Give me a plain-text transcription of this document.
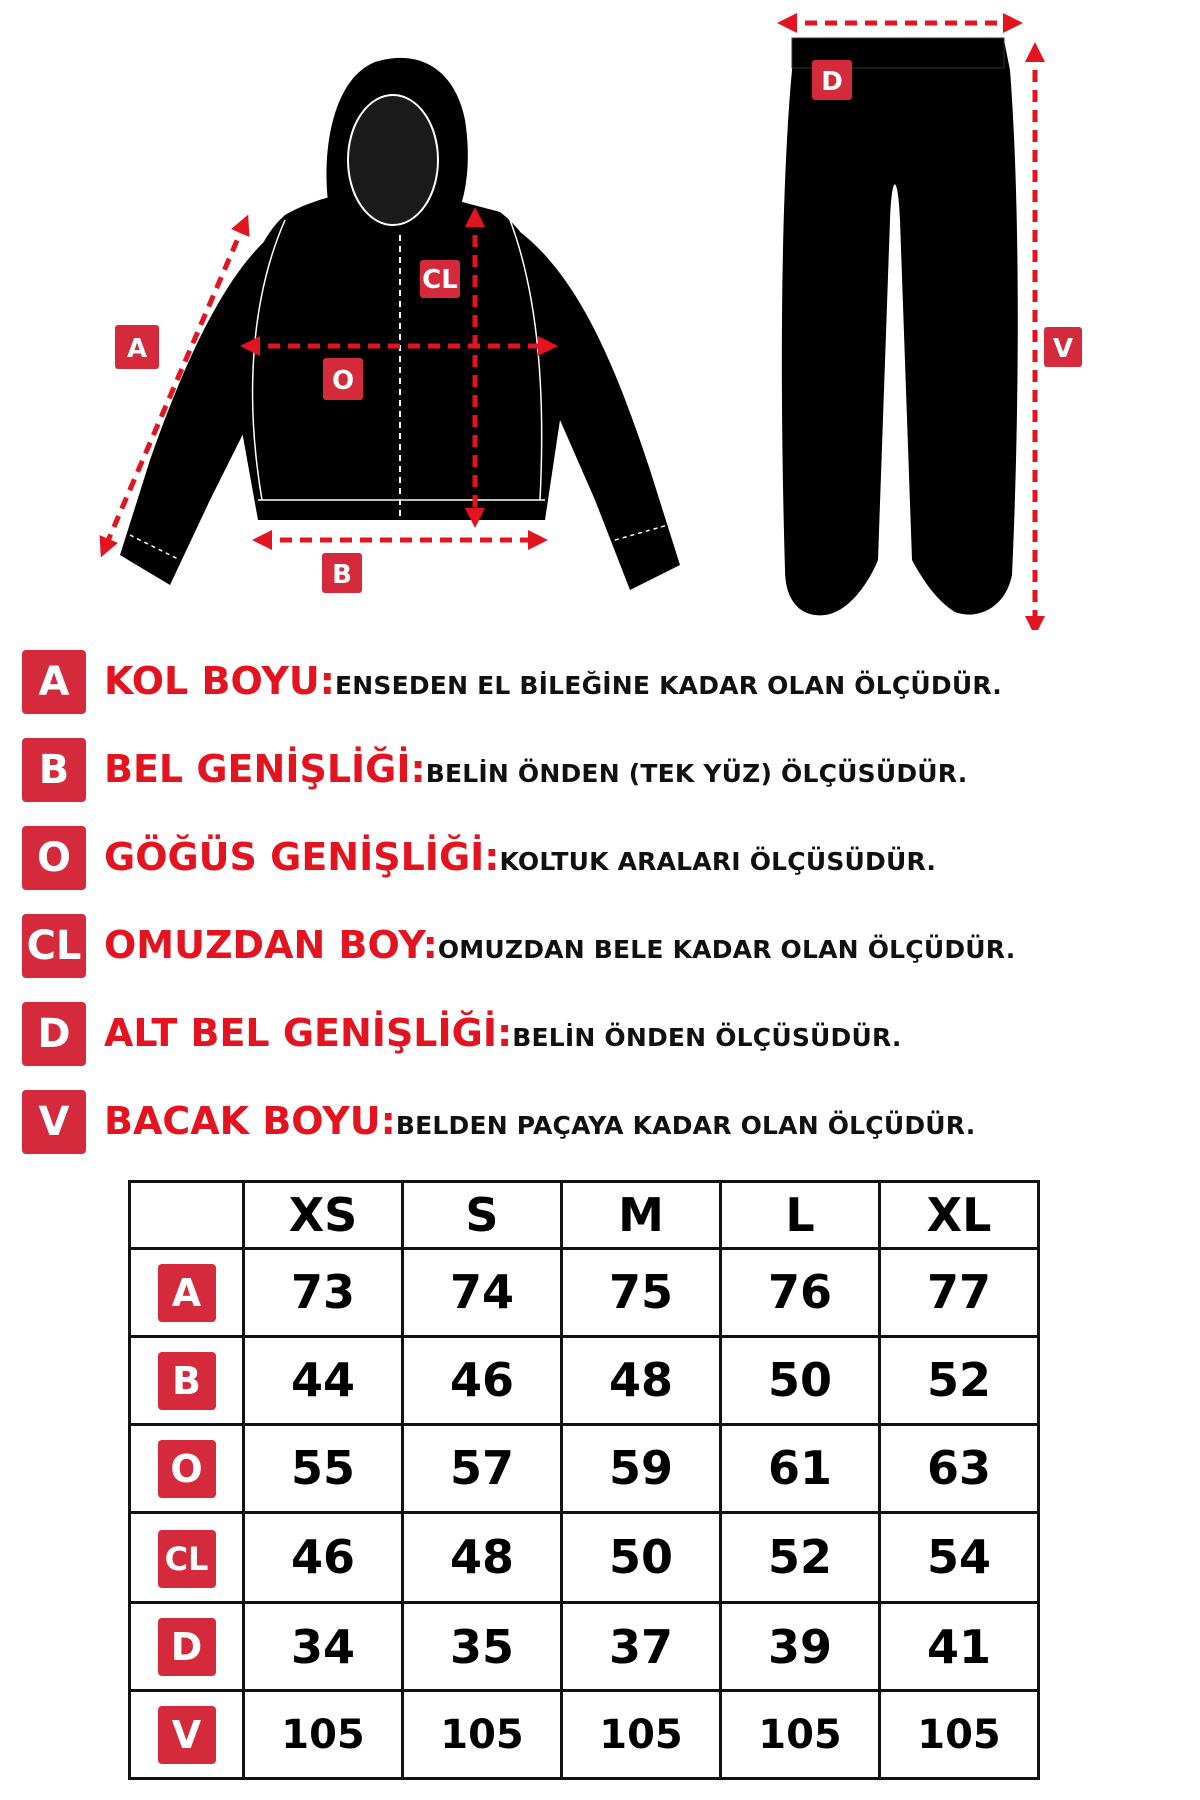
A
CL
O
B
D
V
A KOL BOYU:ENSEDEN EL BİLEĞİNE KADAR OLAN ÖLÇÜDÜR.
B BEL GENİŞLİĞİ:BELİN ÖNDEN (TEK YÜZ) ÖLÇÜSÜDÜR.
O GÖĞÜS GENİŞLİĞİ:KOLTUK ARALARI ÖLÇÜSÜDÜR.
CL OMUZDAN BOY:OMUZDAN BELE KADAR OLAN ÖLÇÜDÜR.
D ALT BEL GENİŞLİĞİ:BELİN ÖNDEN ÖLÇÜSÜDÜR.
V BACAK BOYU:BELDEN PAÇAYA KADAR OLAN ÖLÇÜDÜR.
	XS	S	M	L	XL
A	73	74	75	76	77
B	44	46	48	50	52
O	55	57	59	61	63
CL	46	48	50	52	54
D	34	35	37	39	41
V	105	105	105	105	105
